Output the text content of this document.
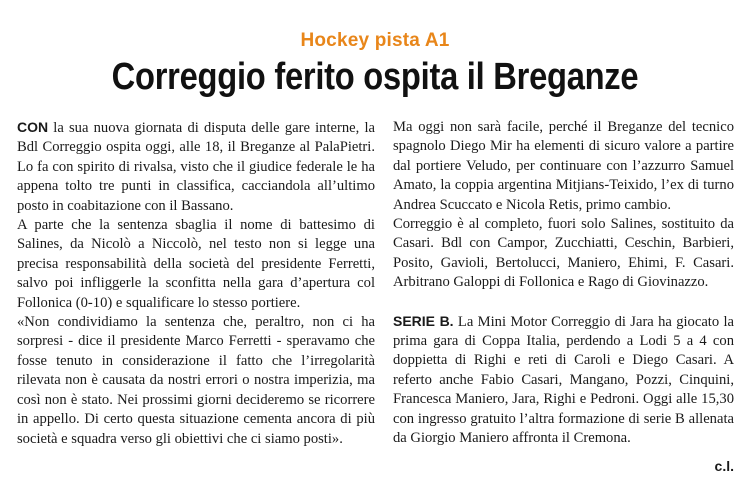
Hockey pista A1
Correggio ferito ospita il Breganze

CON la sua nuova giornata di disputa delle gare interne, la Bdl Correggio ospita oggi, alle 18, il Breganze al PalaPietri. Lo fa con spirito di rivalsa, visto che il giudice federale le ha appena tolto tre punti in classifica, cacciandola all’ultimo posto in coabitazione con il Bassano.

A parte che la sentenza sbaglia il nome di battesimo di Salines, da Nicolò a Niccolò, nel testo non si legge una precisa responsabilità della società del presidente Ferretti, salvo poi infliggerle la sconfitta nella gara d’apertura col Follonica (0-10) e squalificare lo stesso portiere.

«Non condividiamo la sentenza che, peraltro, non ci ha sorpresi - dice il presidente Marco Ferretti - speravamo che fosse tenuto in considerazione il fatto che l’irregolarità rilevata non è causata da nostri errori o nostra imperizia, ma così non è stato. Nei prossimi giorni decideremo se ricorrere in appello. Di certo questa situazione cementa ancora di più società e squadra verso gli obiettivi che ci siamo posti».

Ma oggi non sarà facile, perché il Breganze del tecnico spagnolo Diego Mir ha elementi di sicuro valore a partire dal portiere Veludo, per continuare con l’azzurro Samuel Amato, la coppia argentina Mitjians-Teixido, l’ex di turno Andrea Scuccato e Nicola Retis, primo cambio.

Correggio è al completo, fuori solo Salines, sostituito da Casari. Bdl con Campor, Zucchiatti, Ceschin, Barbieri, Posito, Gavioli, Bertolucci, Maniero, Ehimi, F. Casari. Arbitrano Galoppi di Follonica e Rago di Giovinazzo.

SERIE B. La Mini Motor Correggio di Jara ha giocato la prima gara di Coppa Italia, perdendo a Lodi 5 a 4 con doppietta di Righi e reti di Caroli e Diego Casari. A referto anche Fabio Casari, Mangano, Pozzi, Cinquini, Francesca Maniero, Jara, Righi e Pedroni. Oggi alle 15,30 con ingresso gratuito l’altra formazione di serie B allenata da Giorgio Maniero affronta il Cremona.

c.l.
